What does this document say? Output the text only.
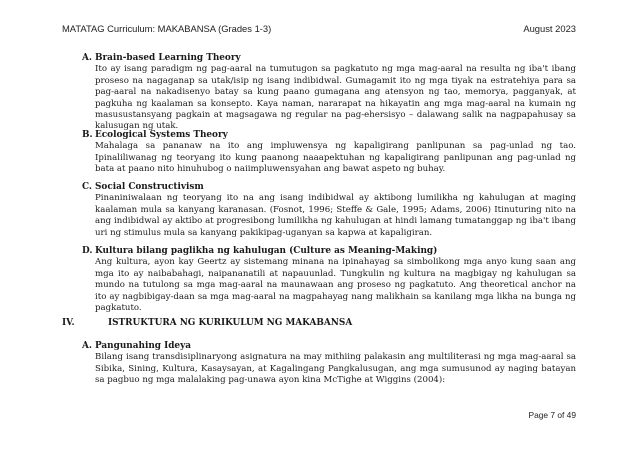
MATATAG Curriculum: MAKABANSA (Grades 1-3)	August 2023
A. Brain-based Learning Theory
Ito ay isang paradigm ng pag-aaral na tumutugon sa pagkatuto ng mga mag-aaral na resulta ng iba't ibang proseso na nagaganap sa utak/isip ng isang indibidwal. Gumagamit ito ng mga tiyak na estratehiya para sa pag-aaral na nakadisenyo batay sa kung paano gumagana ang atensyon ng tao, memorya, pagganyak, at pagkuha ng kaalaman sa konsepto. Kaya naman, nararapat na hikayatin ang mga mag-aaral na kumain ng masusustansyang pagkain at magsagawa ng regular na pag-ehersisyo – dalawang salik na nagpapahusay sa kalusugan ng utak.
B. Ecological Systems Theory
Mahalaga sa pananaw na ito ang impluwensya ng kapaligirang panlipunan sa pag-unlad ng tao. Ipinaliliwanag ng teoryang ito kung paanong naaapektuhan ng kapaligirang panlipunan ang pag-unlad ng bata at paano nito hinuhubog o naiimpluwensyahan ang bawat aspeto ng buhay.
C. Social Constructivism
Pinaniniwalaan ng teoryang ito na ang isang indibidwal ay aktibong lumilikha ng kahulugan at maging kaalaman mula sa kanyang karanasan. (Fosnot, 1996; Steffe & Gale, 1995; Adams, 2006) Itinuturing nito na ang indibidwal ay aktibo at progresibong lumilikha ng kahulugan at hindi lamang tumatanggap ng iba't ibang uri ng stimulus mula sa kanyang pakikipag-uganyan sa kapwa at kapaligiran.
D. Kultura bilang paglikha ng kahulugan (Culture as Meaning-Making)
Ang kultura, ayon kay Geertz ay sistemang minana na ipinahayag sa simbolikong mga anyo kung saan ang mga ito ay naibabahagi, naipananatili at napauunlad. Tungkulin ng kultura na magbigay ng kahulugan sa mundo na tutulong sa mga mag-aaral na maunawaan ang proseso ng pagkatuto. Ang theoretical anchor na ito ay nagbibigay-daan sa mga mag-aaral na magpahayag nang malikhain sa kanilang mga likha na bunga ng pagkatuto.
IV.	ISTRUKTURA NG KURIKULUM NG MAKABANSA
A. Pangunahing Ideya
Bilang isang transdisiplinaryong asignatura na may mithiing palakasin ang multiliterasi ng mga mag-aaral sa Sibika, Sining, Kultura, Kasaysayan, at Kagalingang Pangkalusugan, ang mga sumusunod ay naging batayan sa pagbuo ng mga malalaking pag-unawa ayon kina McTighe at Wiggins (2004):
Page 7 of 49
